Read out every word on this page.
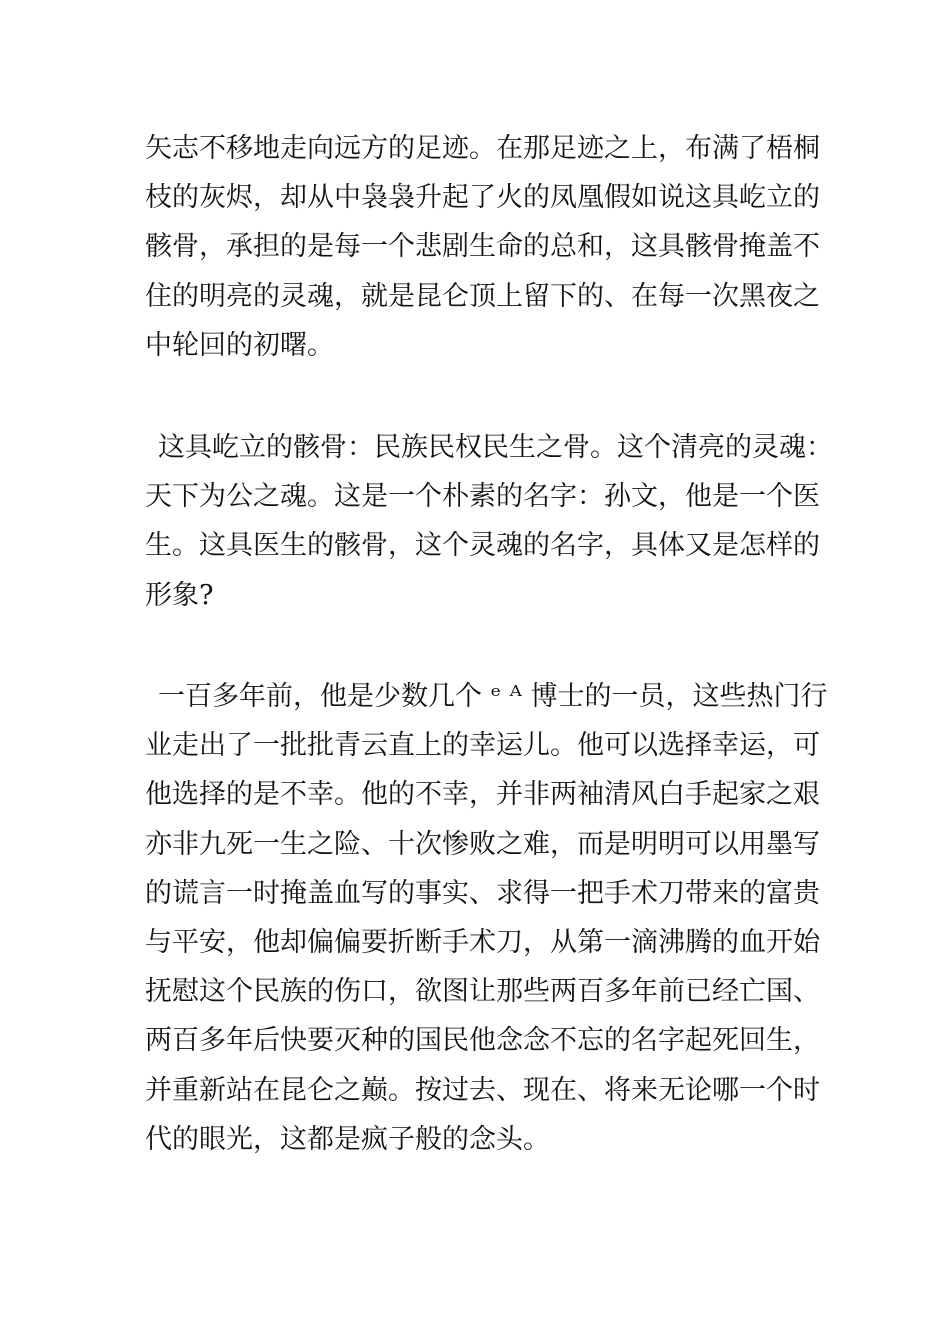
矢志不移地走向远方的足迹。在那足迹之上，布满了梧桐
枝的灰烬，却从中袅袅升起了火的凤凰假如说这具屹立的
骸骨，承担的是每一个悲剧生命的总和，这具骸骨掩盖不
住的明亮的灵魂，就是昆仑顶上留下的、在每一次黑夜之
中轮回的初曙。
这具屹立的骸骨：民族民权民生之骨。这个清亮的灵魂：
天下为公之魂。这是一个朴素的名字：孙文，他是一个医
生。这具医生的骸骨，这个灵魂的名字，具体又是怎样的
形象?
一百多年前，他是少数几个 ᵉ ᴬ 博士的一员，这些热门行
业走出了一批批青云直上的幸运儿。他可以选择幸运，可
他选择的是不幸。他的不幸，并非两袖清风白手起家之艰
亦非九死一生之险、十次惨败之难，而是明明可以用墨写
的谎言一时掩盖血写的事实、求得一把手术刀带来的富贵
与平安，他却偏偏要折断手术刀，从第一滴沸腾的血开始
抚慰这个民族的伤口，欲图让那些两百多年前已经亡国、
两百多年后快要灭种的国民他念念不忘的名字起死回生，
并重新站在昆仑之巅。按过去、现在、将来无论哪一个时
代的眼光，这都是疯子般的念头。
